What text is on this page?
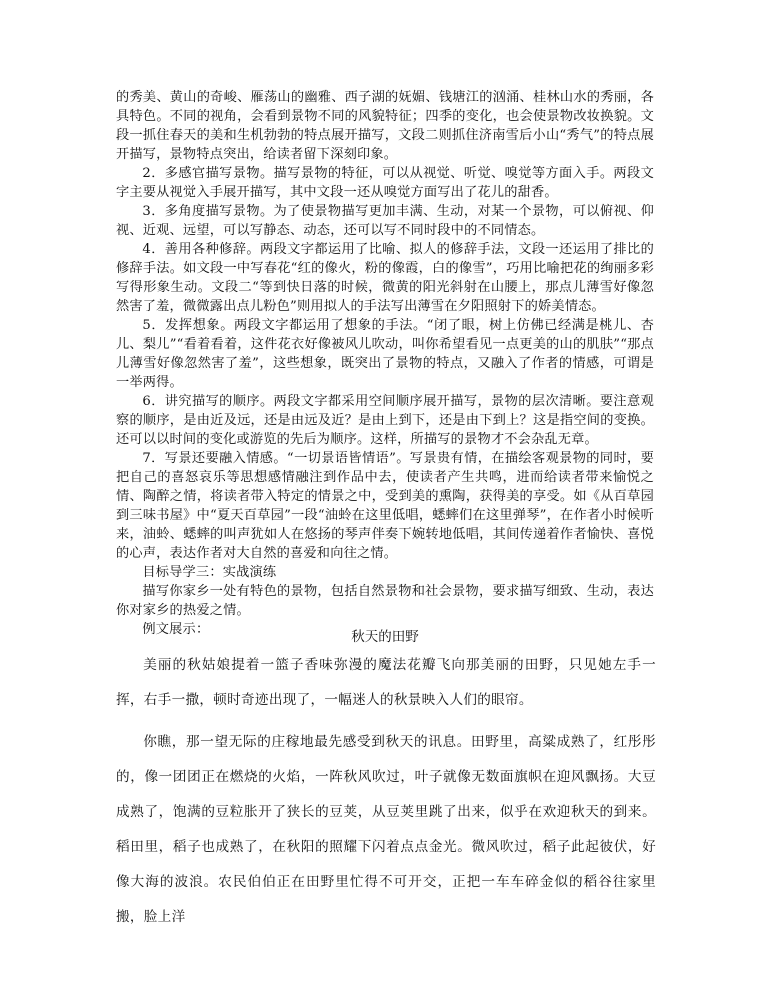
的秀美、黄山的奇峻、雁荡山的幽雅、西子湖的妩媚、钱塘江的汹涌、桂林山水的秀丽，各具特色。不同的视角，会看到景物不同的风貌特征；四季的变化，也会使景物改妆换貌。文段一抓住春天的美和生机勃勃的特点展开描写，文段二则抓住济南雪后小山“秀气”的特点展开描写，景物特点突出，给读者留下深刻印象。

2．多感官描写景物。描写景物的特征，可以从视觉、听觉、嗅觉等方面入手。两段文字主要从视觉入手展开描写，其中文段一还从嗅觉方面写出了花儿的甜香。

3．多角度描写景物。为了使景物描写更加丰满、生动，对某一个景物，可以俯视、仰视、近观、远望，可以写静态、动态，还可以写不同时段中的不同情态。

4．善用各种修辞。两段文字都运用了比喻、拟人的修辞手法，文段一还运用了排比的修辞手法。如文段一中写春花“红的像火，粉的像霞，白的像雪”，巧用比喻把花的绚丽多彩写得形象生动。文段二“等到快日落的时候，微黄的阳光斜射在山腰上，那点儿薄雪好像忽然害了羞，微微露出点儿粉色”则用拟人的手法写出薄雪在夕阳照射下的娇美情态。

5．发挥想象。两段文字都运用了想象的手法。“闭了眼，树上仿佛已经满是桃儿、杏儿、梨儿”“看着看着，这件花衣好像被风儿吹动，叫你希望看见一点更美的山的肌肤”“那点儿薄雪好像忽然害了羞”，这些想象，既突出了景物的特点，又融入了作者的情感，可谓是一举两得。

6．讲究描写的顺序。两段文字都采用空间顺序展开描写，景物的层次清晰。要注意观察的顺序，是由近及远，还是由远及近？是由上到下，还是由下到上？这是指空间的变换。还可以以时间的变化或游览的先后为顺序。这样，所描写的景物才不会杂乱无章。

7．写景还要融入情感。“一切景语皆情语”。写景贵有情，在描绘客观景物的同时，要把自己的喜怒哀乐等思想感情融注到作品中去，使读者产生共鸣，进而给读者带来愉悦之情、陶醉之情，将读者带入特定的情景之中，受到美的熏陶，获得美的享受。如《从百草园到三味书屋》中“夏天百草园”一段“油蛉在这里低唱，蟋蟀们在这里弹琴”，在作者小时候听来，油蛉、蟋蟀的叫声犹如人在悠扬的琴声伴奏下婉转地低唱，其间传递着作者愉快、喜悦的心声，表达作者对大自然的喜爱和向往之情。

目标导学三：实战演练

描写你家乡一处有特色的景物，包括自然景物和社会景物，要求描写细致、生动，表达你对家乡的热爱之情。

例文展示：	秋天的田野

美丽的秋姑娘提着一篮子香味弥漫的魔法花瓣飞向那美丽的田野，只见她左手一挥，右手一撒，顿时奇迹出现了，一幅迷人的秋景映入人们的眼帘。

你瞧，那一望无际的庄稼地最先感受到秋天的讯息。田野里，高粱成熟了，红彤彤的，像一团团正在燃烧的火焰，一阵秋风吹过，叶子就像无数面旗帜在迎风飘扬。大豆成熟了，饱满的豆粒胀开了狭长的豆荚，从豆荚里跳了出来，似乎在欢迎秋天的到来。稻田里，稻子也成熟了，在秋阳的照耀下闪着点点金光。微风吹过，稻子此起彼伏，好像大海的波浪。农民伯伯正在田野里忙得不可开交，正把一车车碎金似的稻谷往家里搬，脸上洋
